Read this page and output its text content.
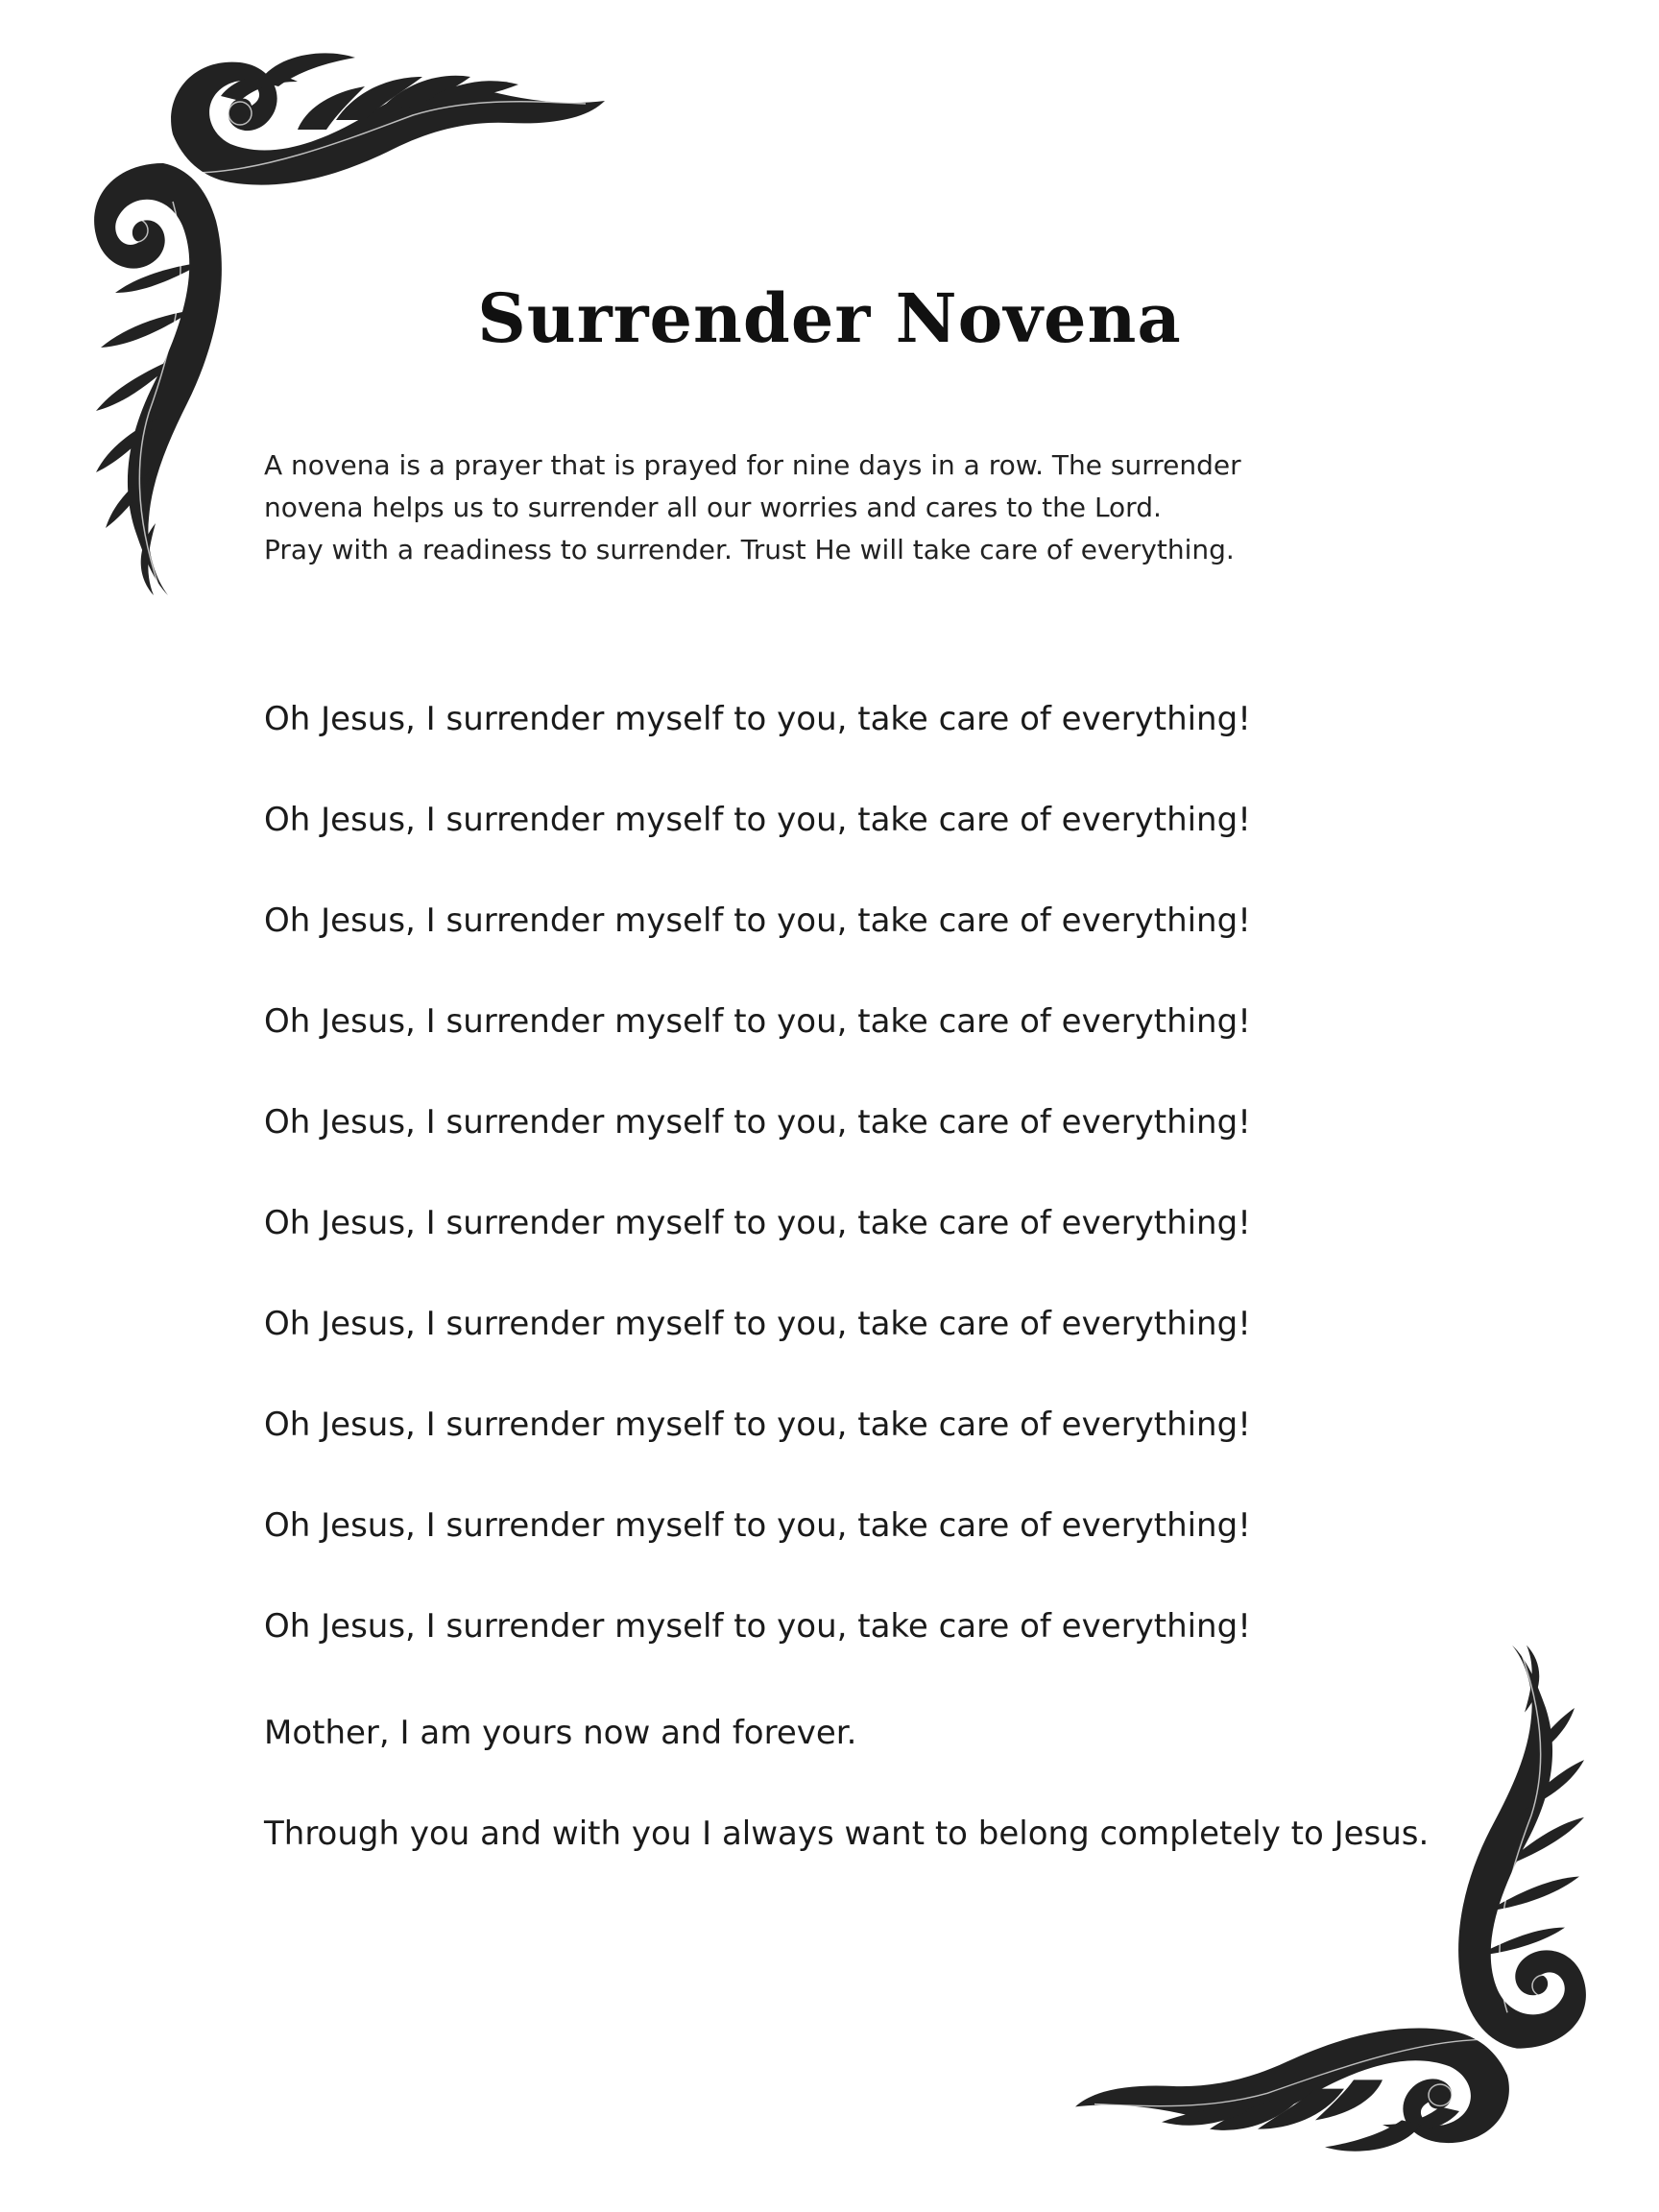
Surrender Novena
A novena is a prayer that is prayed for nine days in a row. The surrender
novena helps us to surrender all our worries and cares to the Lord.
Pray with a readiness to surrender. Trust He will take care of everything.
Oh Jesus, I surrender myself to you, take care of everything!
Oh Jesus, I surrender myself to you, take care of everything!
Oh Jesus, I surrender myself to you, take care of everything!
Oh Jesus, I surrender myself to you, take care of everything!
Oh Jesus, I surrender myself to you, take care of everything!
Oh Jesus, I surrender myself to you, take care of everything!
Oh Jesus, I surrender myself to you, take care of everything!
Oh Jesus, I surrender myself to you, take care of everything!
Oh Jesus, I surrender myself to you, take care of everything!
Oh Jesus, I surrender myself to you, take care of everything!

Mother, I am yours now and forever.

Through you and with you I always want to belong completely to Jesus.
